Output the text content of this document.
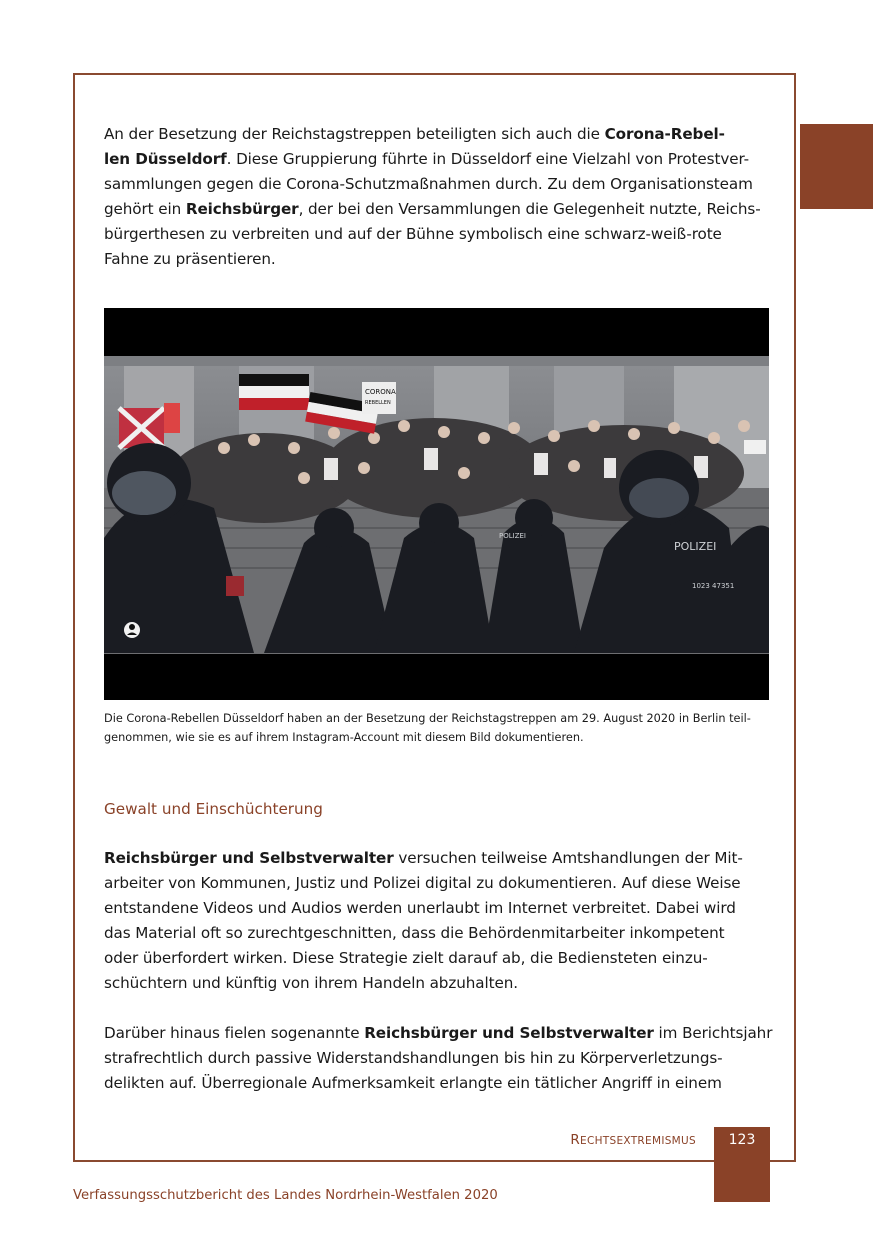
An der Besetzung der Reichstagstreppen beteiligten sich auch die Corona-Rebel-
len Düsseldorf. Diese Gruppierung führte in Düsseldorf eine Vielzahl von Protestver-
sammlungen gegen die Corona-Schutzmaßnahmen durch. Zu dem Organisationsteam
gehört ein Reichsbürger, der bei den Versammlungen die Gelegenheit nutzte, Reichs-
bürgerthesen zu verbreiten und auf der Bühne symbolisch eine schwarz-weiß-rote
Fahne zu präsentieren.
CORONA
REBELLEN
POLIZEI
POLIZEI
1023 47351
Die Corona-Rebellen Düsseldorf haben an der Besetzung der Reichstagstreppen am 29. August 2020 in Berlin teil-
genommen, wie sie es auf ihrem Instagram-Account mit diesem Bild dokumentieren.
Gewalt und Einschüchterung
Reichsbürger und Selbstverwalter versuchen teilweise Amtshandlungen der Mit-
arbeiter von Kommunen, Justiz und Polizei digital zu dokumentieren. Auf diese Weise
entstandene Videos und Audios werden unerlaubt im Internet verbreitet. Dabei wird
das Material oft so zurechtgeschnitten, dass die Behördenmitarbeiter inkompetent
oder überfordert wirken. Diese Strategie zielt darauf ab, die Bediensteten einzu-
schüchtern und künftig von ihrem Handeln abzuhalten.
Darüber hinaus fielen sogenannte Reichsbürger und Selbstverwalter im Berichtsjahr
strafrechtlich durch passive Widerstandshandlungen bis hin zu Körperverletzungs-
delikten auf. Überregionale Aufmerksamkeit erlangte ein tätlicher Angriff in einem
RECHTSEXTREMISMUS	123
Verfassungsschutzbericht des Landes Nordrhein-Westfalen 2020
